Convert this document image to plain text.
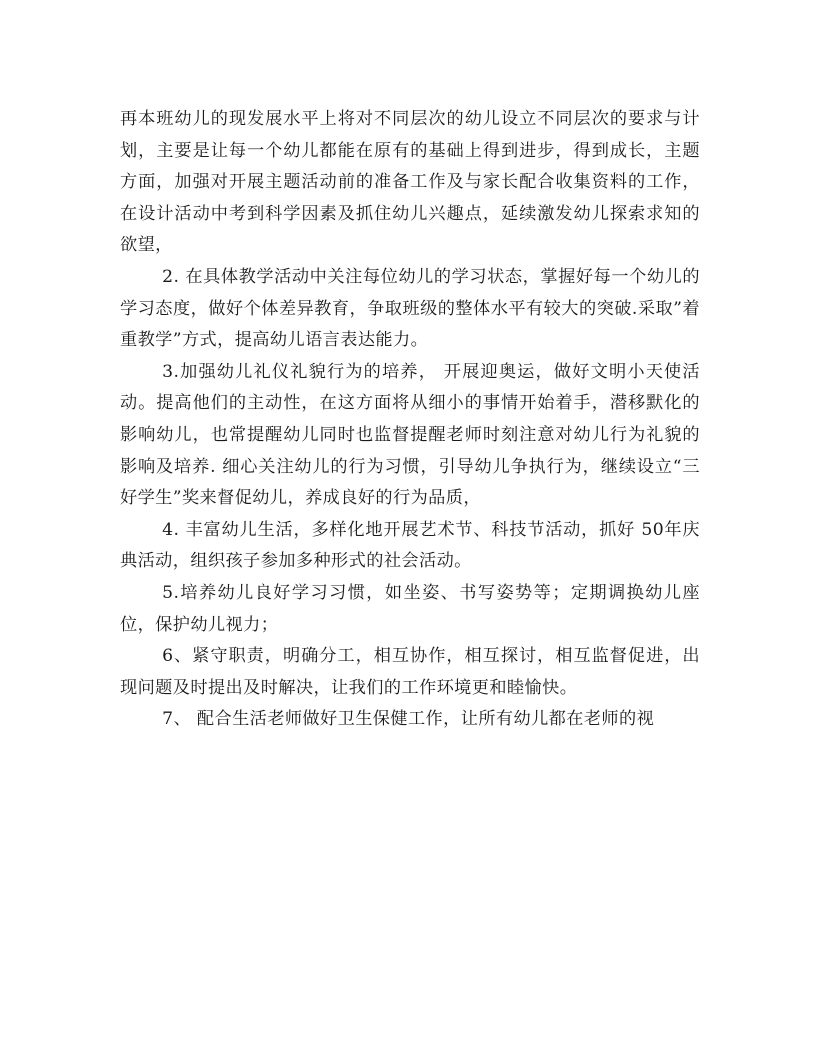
再本班幼儿的现发展水平上将对不同层次的幼儿设立不同层次的要求与计划，主要是让每一个幼儿都能在原有的基础上得到进步，得到成长，主题方面，加强对开展主题活动前的准备工作及与家长配合收集资料的工作，在设计活动中考到科学因素及抓住幼儿兴趣点，延续激发幼儿探索求知的欲望，

2. 在具体教学活动中关注每位幼儿的学习状态，掌握好每一个幼儿的学习态度，做好个体差异教育，争取班级的整体水平有较大的突破.采取”着重教学”方式，提高幼儿语言表达能力。

3.加强幼儿礼仪礼貌行为的培养， 开展迎奥运，做好文明小天使活动。提高他们的主动性，在这方面将从细小的事情开始着手，潜移默化的影响幼儿，也常提醒幼儿同时也监督提醒老师时刻注意对幼儿行为礼貌的影响及培养. 细心关注幼儿的行为习惯，引导幼儿争执行为，继续设立“三好学生”奖来督促幼儿，养成良好的行为品质，

4. 丰富幼儿生活，多样化地开展艺术节、科技节活动，抓好 50年庆典活动，组织孩子参加多种形式的社会活动。

5.培养幼儿良好学习习惯，如坐姿、书写姿势等；定期调换幼儿座位，保护幼儿视力；

6、紧守职责，明确分工，相互协作，相互探讨，相互监督促进，出现问题及时提出及时解决，让我们的工作环境更和睦愉快。

7、 配合生活老师做好卫生保健工作，让所有幼儿都在老师的视
